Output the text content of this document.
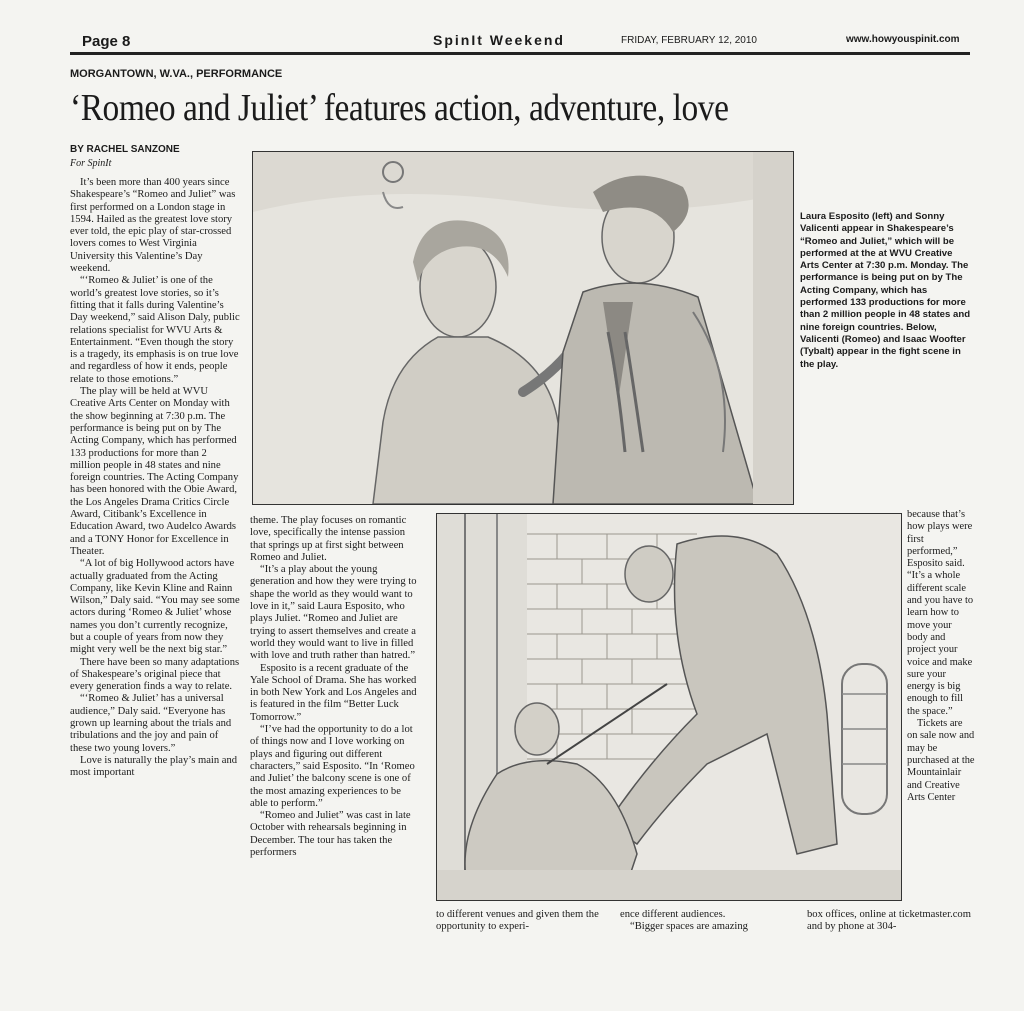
Page 8	SpinIt Weekend	FRIDAY, FEBRUARY 12, 2010	www.howyouspinit.com
MORGANTOWN, W.VA., PERFORMANCE
‘Romeo and Juliet’ features action, adventure, love
BY RACHEL SANZONE
For SpinIt

It’s been more than 400 years since Shakespeare’s “Romeo and Juliet” was first performed on a London stage in 1594. Hailed as the greatest love story ever told, the epic play of star-crossed lovers comes to West Virginia University this Valentine’s Day weekend.

“‘Romeo & Juliet’ is one of the world’s greatest love stories, so it’s fitting that it falls during Valentine’s Day weekend,” said Alison Daly, public relations specialist for WVU Arts & Entertainment. “Even though the story is a tragedy, its emphasis is on true love and regardless of how it ends, people relate to those emotions.”

The play will be held at WVU Creative Arts Center on Monday with the show beginning at 7:30 p.m. The performance is being put on by The Acting Company, which has performed 133 productions for more than 2 million people in 48 states and nine foreign countries. The Acting Company has been honored with the Obie Award, the Los Angeles Drama Critics Circle Award, Citibank’s Excellence in Education Award, two Audelco Awards and a TONY Honor for Excellence in Theater.

“A lot of big Hollywood actors have actually graduated from the Acting Company, like Kevin Kline and Rainn Wilson,” Daly said. “You may see some actors during ‘Romeo & Juliet’ whose names you don’t currently recognize, but a couple of years from now they might very well be the next big star.”

There have been so many adaptations of Shakespeare’s original piece that every generation finds a way to relate.

“‘Romeo & Juliet’ has a universal audience,” Daly said. “Everyone has grown up learning about the trials and tribulations and the joy and pain of these two young lovers.”

Love is naturally the play’s main and most important

Laura Esposito (left) and Sonny Valicenti appear in Shakespeare’s “Romeo and Juliet,” which will be performed at the at WVU Creative Arts Center at 7:30 p.m. Monday. The performance is being put on by The Acting Company, which has performed 133 productions for more than 2 million people in 48 states and nine foreign countries. Below, Valicenti (Romeo) and Isaac Woofter (Tybalt) appear in the fight scene in the play.

theme. The play focuses on romantic love, specifically the intense passion that springs up at first sight between Romeo and Juliet.

“It’s a play about the young generation and how they were trying to shape the world as they would want to love in it,” said Laura Esposito, who plays Juliet. “Romeo and Juliet are trying to assert themselves and create a world they would want to live in filled with love and truth rather than hatred.”

Esposito is a recent graduate of the Yale School of Drama. She has worked in both New York and Los Angeles and is featured in the film “Better Luck Tomorrow.”

“I’ve had the opportunity to do a lot of things now and I love working on plays and figuring out different characters,” said Esposito. “In ‘Romeo and Juliet’ the balcony scene is one of the most amazing experiences to be able to perform.”

“Romeo and Juliet” was cast in late October with rehearsals beginning in December. The tour has taken the performers

because that’s how plays were first performed,” Esposito said. “It’s a whole different scale and you have to learn how to move your body and project your voice and make sure your energy is big enough to fill the space.”

Tickets are on sale now and may be purchased at the Mountainlair and Creative Arts Center

to different venues and given them the opportunity to experi-

ence different audiences.

“Bigger spaces are amazing

box offices, online at ticketmaster.com and by phone at 304-
